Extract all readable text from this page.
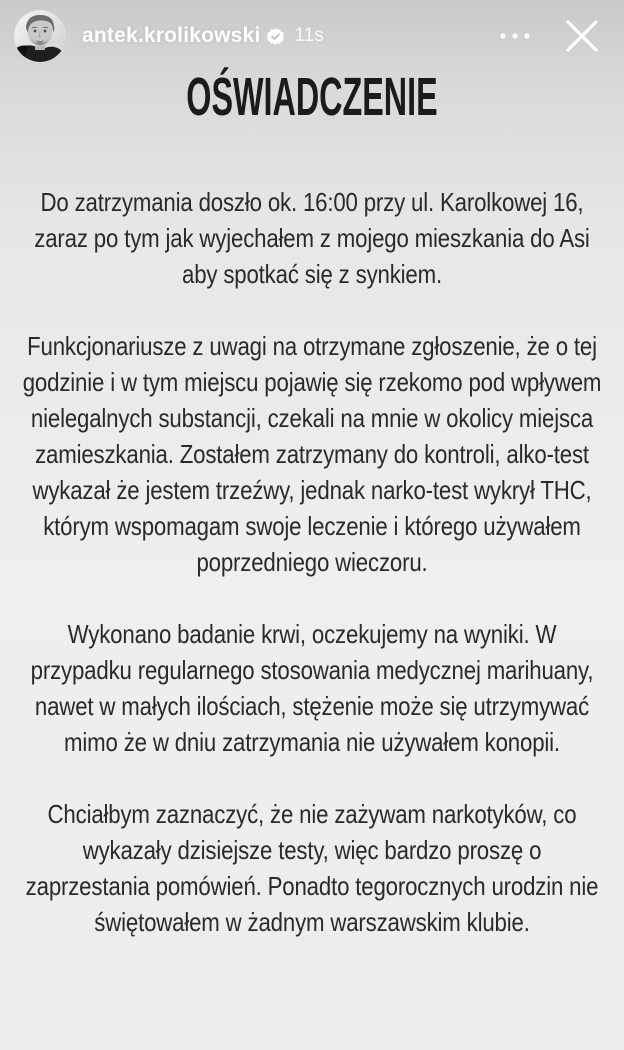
antek.krolikowski 11s
OŚWIADCZENIE

Do zatrzymania doszło ok. 16:00 przy ul. Karolkowej 16, zaraz po tym jak wyjechałem z mojego mieszkania do Asi aby spotkać się z synkiem.

Funkcjonariusze z uwagi na otrzymane zgłoszenie, że o tej godzinie i w tym miejscu pojawię się rzekomo pod wpływem nielegalnych substancji, czekali na mnie w okolicy miejsca zamieszkania. Zostałem zatrzymany do kontroli, alko-test wykazał że jestem trzeźwy, jednak narko-test wykrył THC, którym wspomagam swoje leczenie i którego używałem poprzedniego wieczoru.

Wykonano badanie krwi, oczekujemy na wyniki. W przypadku regularnego stosowania medycznej marihuany, nawet w małych ilościach, stężenie może się utrzymywać mimo że w dniu zatrzymania nie używałem konopii.

Chciałbym zaznaczyć, że nie zażywam narkotyków, co wykazały dzisiejsze testy, więc bardzo proszę o zaprzestania pomówień. Ponadto tegorocznych urodzin nie świętowałem w żadnym warszawskim klubie.
